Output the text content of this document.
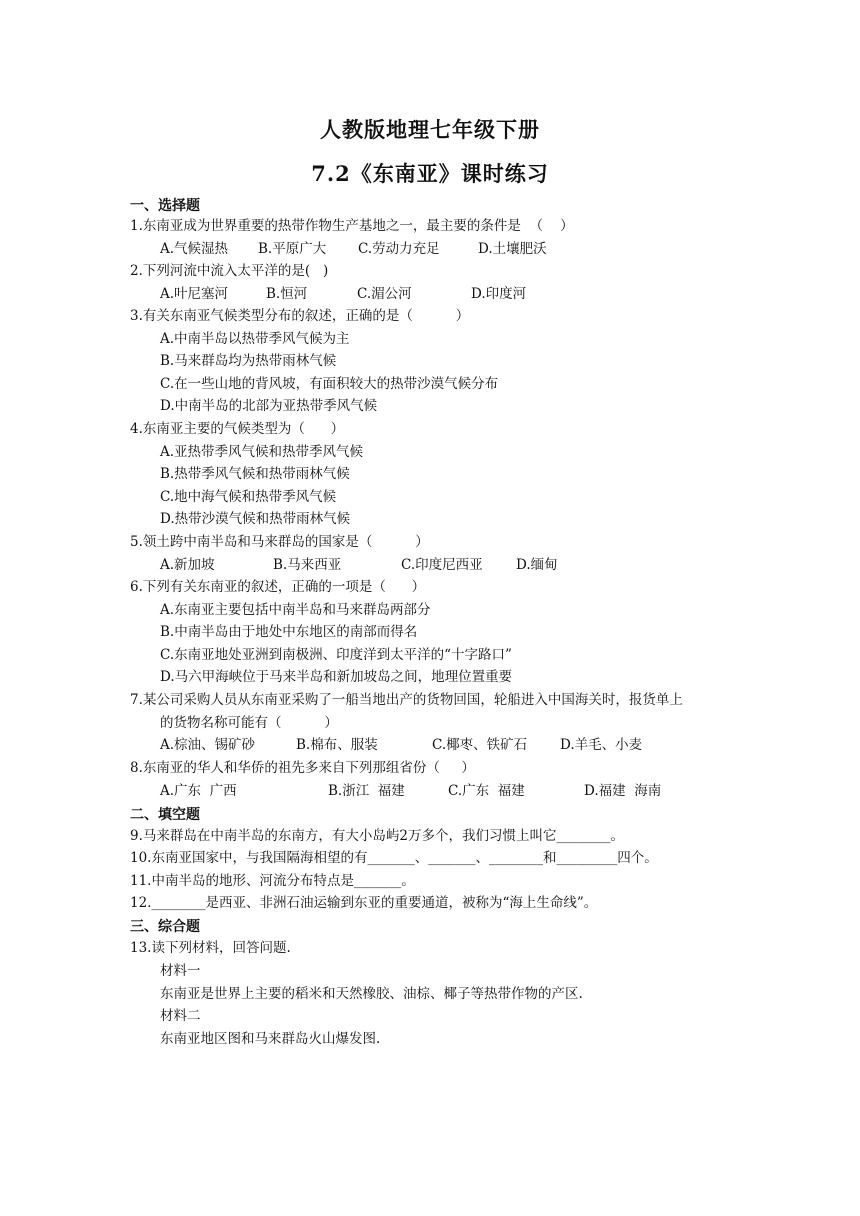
人教版地理七年级下册
7.2《东南亚》课时练习
一、选择题
1.东南亚成为世界重要的热带作物生产基地之一，最主要的条件是  （    ）
A.气候湿热	B.平原广大	C.劳动力充足	D.土壤肥沃
2.下列河流中流入太平洋的是(   )
A.叶尼塞河	B.恒河	C.湄公河	D.印度河
3.有关东南亚气候类型分布的叙述，正确的是（          ）
A.中南半岛以热带季风气候为主
B.马来群岛均为热带雨林气候
C.在一些山地的背风坡，有面积较大的热带沙漠气候分布
D.中南半岛的北部为亚热带季风气候
4.东南亚主要的气候类型为（      ）
A.亚热带季风气候和热带季风气候
B.热带季风气候和热带雨林气候
C.地中海气候和热带季风气候
D.热带沙漠气候和热带雨林气候
5.领土跨中南半岛和马来群岛的国家是（          ）
A.新加坡	B.马来西亚	C.印度尼西亚	D.缅甸
6.下列有关东南亚的叙述，正确的一项是（      ）
A.东南亚主要包括中南半岛和马来群岛两部分
B.中南半岛由于地处中东地区的南部而得名
C.东南亚地处亚洲到南极洲、印度洋到太平洋的“十字路口”
D.马六甲海峡位于马来半岛和新加坡岛之间，地理位置重要
7.某公司采购人员从东南亚采购了一船当地出产的货物回国，轮船进入中国海关时，报货单上
的货物名称可能有（          ）
A.棕油、锡矿砂	B.棉布、服装	C.椰枣、铁矿石	D.羊毛、小麦
8.东南亚的华人和华侨的祖先多来自下列那组省份（     ）
A.广东  广西	B.浙江  福建	C.广东  福建	D.福建  海南
二、填空题
9.马来群岛在中南半岛的东南方，有大小岛屿2万多个，我们习惯上叫它________。
10.东南亚国家中，与我国隔海相望的有_______、_______、________和_________四个。
11.中南半岛的地形、河流分布特点是_______。
12.________是西亚、非洲石油运输到东亚的重要通道，被称为“海上生命线”。
三、综合题
13.读下列材料，回答问题.
材料一
东南亚是世界上主要的稻米和天然橡胶、油棕、椰子等热带作物的产区.
材料二
东南亚地区图和马来群岛火山爆发图.
